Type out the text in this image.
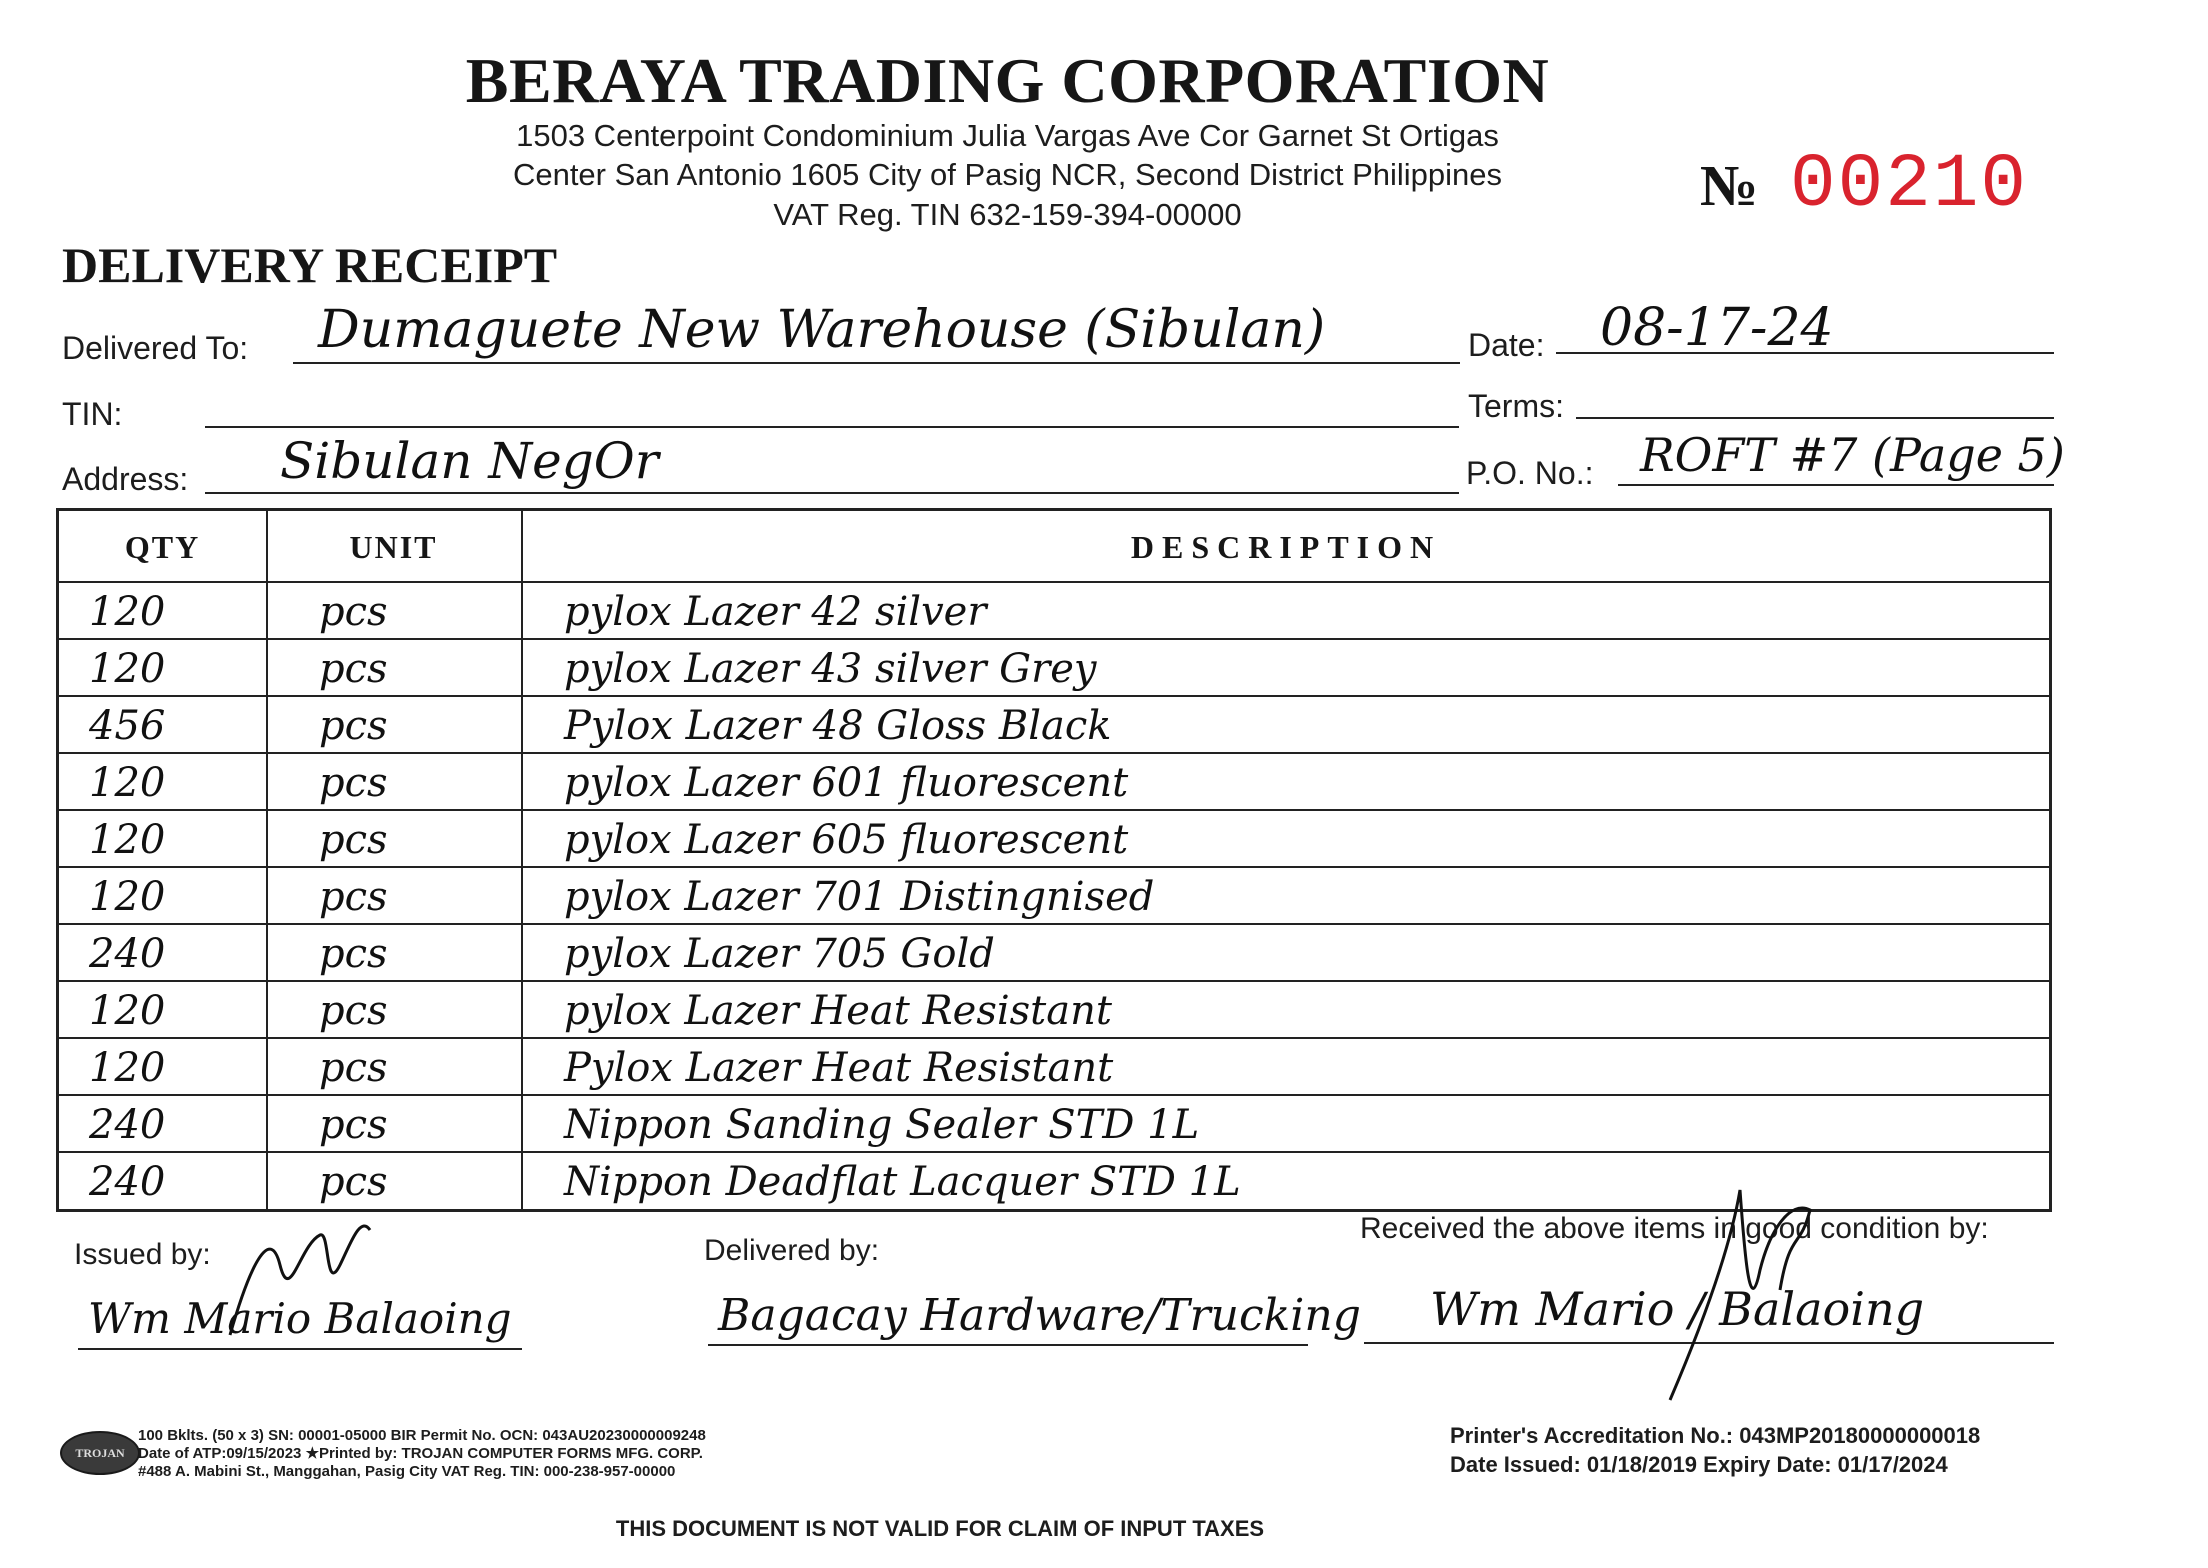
BERAYA TRADING CORPORATION
1503 Centerpoint Condominium Julia Vargas Ave Cor Garnet St Ortigas
Center San Antonio 1605 City of Pasig NCR, Second District Philippines
VAT Reg. TIN 632-159-394-00000	№ 00210
DELIVERY RECEIPT
Delivered To: Dumaguete New Warehouse (Sibulan)	Date: 08-17-24
TIN:	Terms:
Address: Sibulan NegOr	P.O. No.: ROFT #7 (Page 5)
QTY	UNIT	DESCRIPTION
120	pcs	pylox Lazer 42 silver
120	pcs	pylox Lazer 43 silver Grey
456	pcs	Pylox Lazer 48 Gloss Black
120	pcs	pylox Lazer 601 fluorescent
120	pcs	pylox Lazer 605 fluorescent
120	pcs	pylox Lazer 701 Distingnised
240	pcs	pylox Lazer 705 Gold
120	pcs	pylox Lazer Heat Resistant
120	pcs	Pylox Lazer Heat Resistant
240	pcs	Nippon Sanding Sealer STD 1L
240	pcs	Nippon Deadflat Lacquer STD 1L
Issued by:
Wm Mario Balaoing
Delivered by:
Bagacay Hardware/Trucking
Received the above items in good condition by:
Wm Mario / Balaoing
TROJAN
100 Bklts. (50 x 3) SN: 00001-05000 BIR Permit No. OCN: 043AU20230000009248
Date of ATP:09/15/2023 ★Printed by: TROJAN COMPUTER FORMS MFG. CORP.
#488 A. Mabini St., Manggahan, Pasig City VAT Reg. TIN: 000-238-957-00000
Printer's Accreditation No.: 043MP20180000000018
Date Issued: 01/18/2019 Expiry Date: 01/17/2024
THIS DOCUMENT IS NOT VALID FOR CLAIM OF INPUT TAXES
